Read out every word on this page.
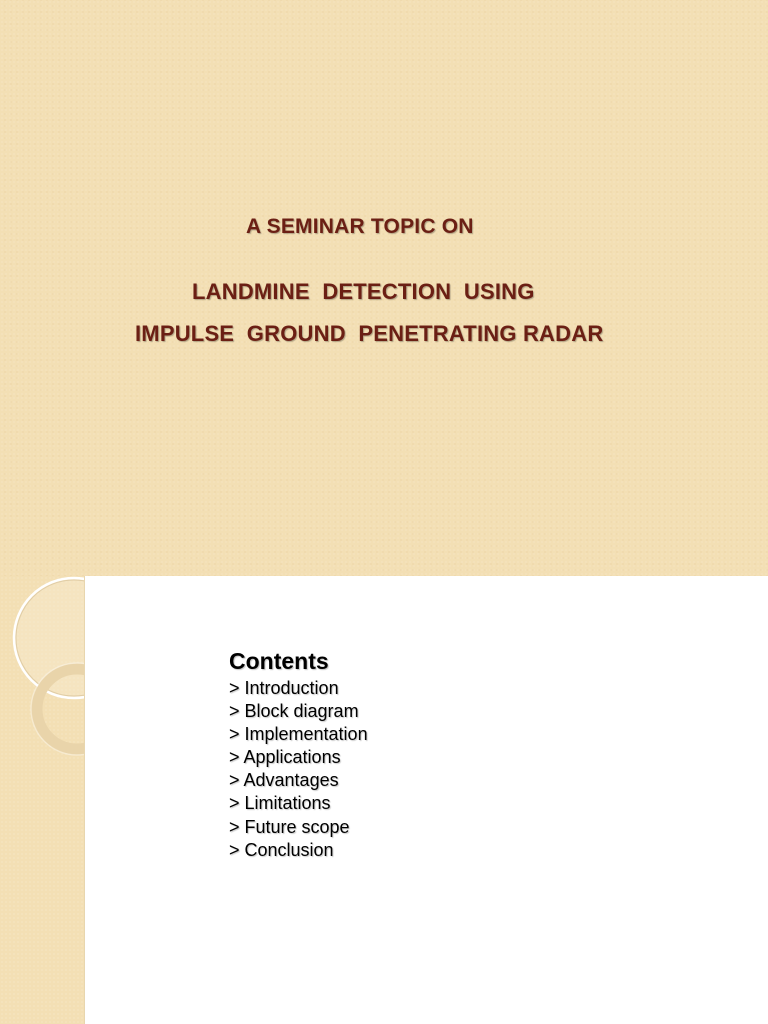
A SEMINAR TOPIC ON

LANDMINE  DETECTION  USING

IMPULSE  GROUND  PENETRATING RADAR

Contents
> Introduction
> Block diagram
> Implementation
> Applications
> Advantages
> Limitations
> Future scope
> Conclusion
